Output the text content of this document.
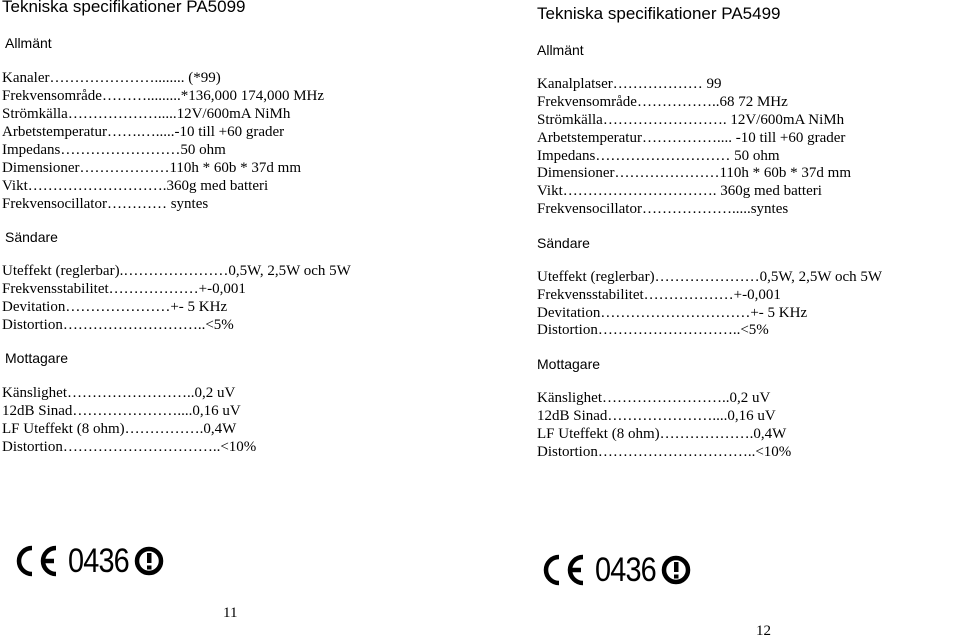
Tekniska specifikationer PA5099
Allmänt
Kanaler…………………........ (*99)
Frekvensområde……….........*136,000 174,000 MHz
Strömkälla……………….....12V/600mA NiMh
Arbetstemperatur…….….....-10 till +60 grader
Impedans……………………50 ohm
Dimensioner………………110h * 60b * 37d mm
Vikt……………………….360g med batteri
Frekvensocillator………… syntes
Sändare
Uteffekt (reglerbar).…………………0,5W, 2,5W och 5W
Frekvensstabilitet………………+-0,001
Devitation…………………+- 5 KHz
Distortion………………………..<5%
Mottagare
Känslighet……………………..0,2 uV
12dB Sinad…………………....0,16 uV
LF Uteffekt (8 ohm)…………….0,4W
Distortion…………………………..<10%
0436
11
Tekniska specifikationer PA5499
Allmänt
Kanalplatser……………… 99
Frekvensområde……………..68 72 MHz
Strömkälla……………………. 12V/600mA NiMh
Arbetstemperatur…………….... -10 till +60 grader
Impedans……………………… 50 ohm
Dimensioner…………………110h * 60b * 37d mm
Vikt…………………………. 360g med batteri
Frekvensocillator……………….....syntes
Sändare
Uteffekt (reglerbar)…………………0,5W, 2,5W och 5W
Frekvensstabilitet………………+-0,001
Devitation…………………………+- 5 KHz
Distortion………………………..<5%
Mottagare
Känslighet……………………..0,2 uV
12dB Sinad…………………....0,16 uV
LF Uteffekt (8 ohm)……………….0,4W
Distortion…………………………..<10%
0436
12
